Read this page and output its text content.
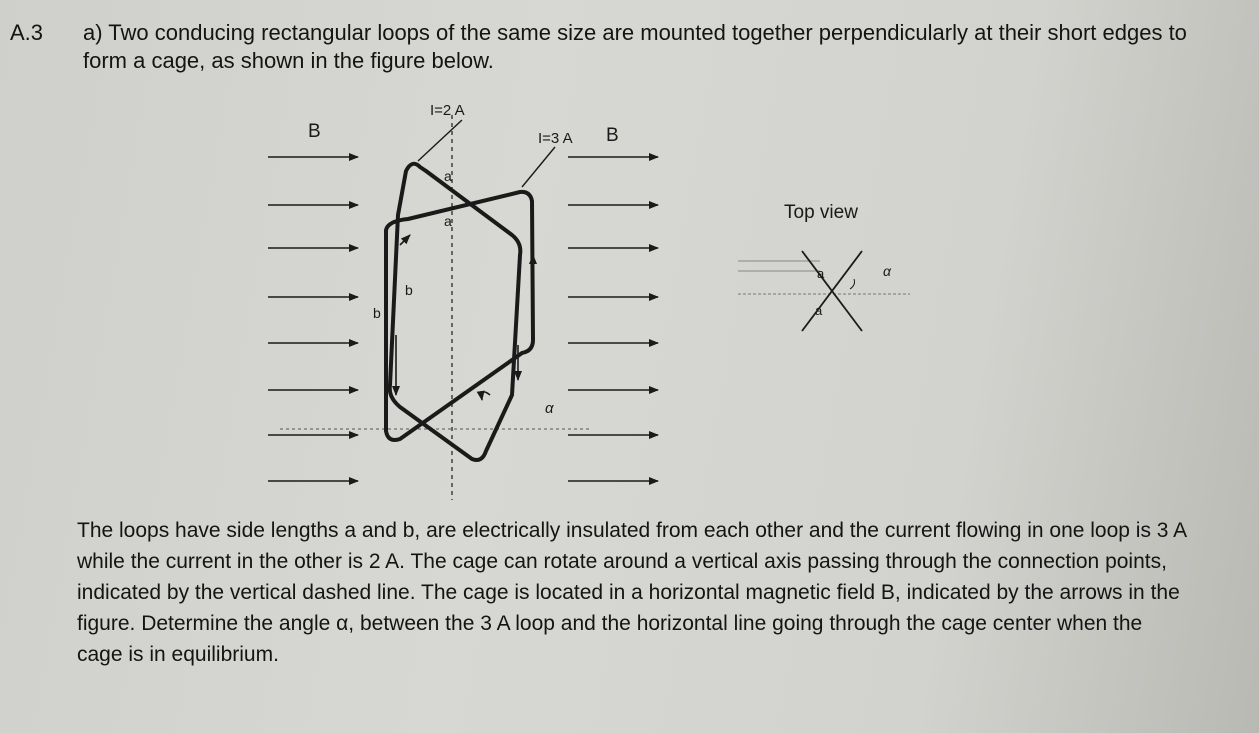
A.3 a) Two conducing rectangular loops of the same size are mounted together perpendicularly at their short edges to form a cage, as shown in the figure below.

I=2 A
I=3 A
B	B
a
a
b
b
α
Top view
a
a
α

The loops have side lengths a and b, are electrically insulated from each other and the current flowing in one loop is 3 A while the current in the other is 2 A. The cage can rotate around a vertical axis passing through the connection points, indicated by the vertical dashed line. The cage is located in a horizontal magnetic field B, indicated by the arrows in the figure. Determine the angle α, between the 3 A loop and the horizontal line going through the cage center when the cage is in equilibrium.
